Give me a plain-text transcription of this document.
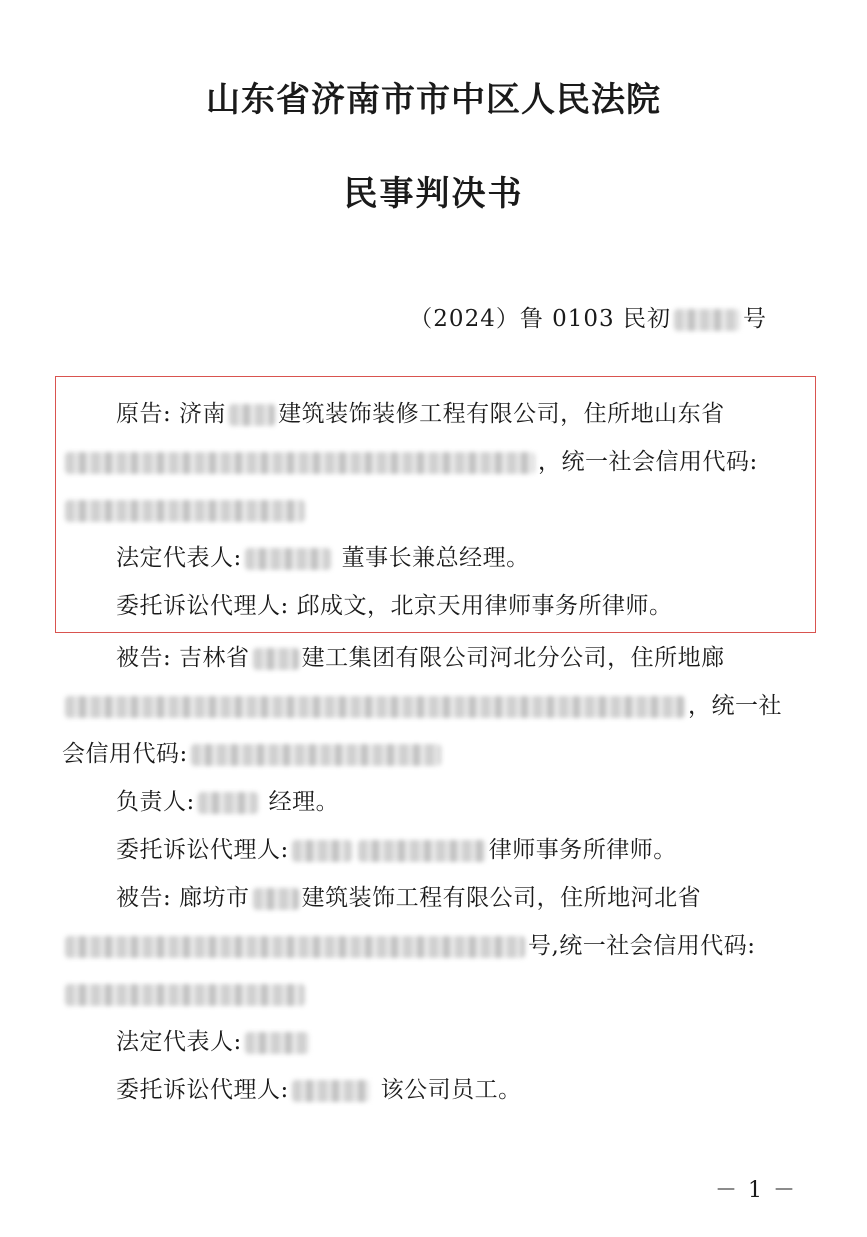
山东省济南市市中区人民法院
民事判决书
（2024）鲁 0103 民初	号
原告: 济南 建筑装饰装修工程有限公司，住所地山东省
，统一社会信用代码:
法定代表人:	董事长兼总经理。
委托诉讼代理人: 邱成文，北京天用律师事务所律师。
被告: 吉林省 建工集团有限公司河北分公司，住所地廊
，统一社
会信用代码:
负责人:	经理。
委托诉讼代理人:	律师事务所律师。
被告: 廊坊市 建筑装饰工程有限公司，住所地河北省
号,统一社会信用代码:
法定代表人:
委托诉讼代理人:	该公司员工。
－ 1 －
